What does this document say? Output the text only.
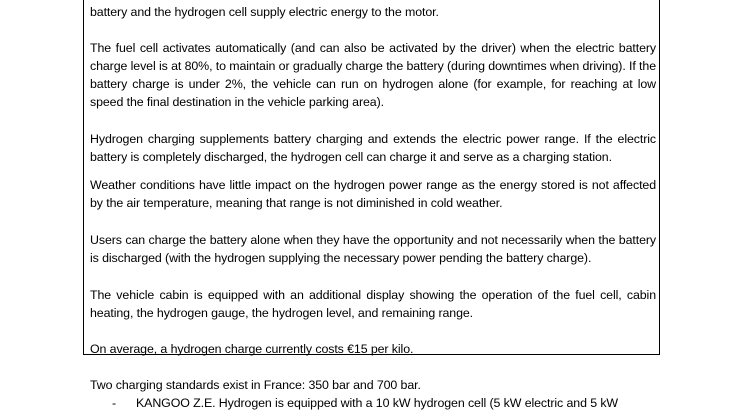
battery and the hydrogen cell supply electric energy to the motor.

The fuel cell activates automatically (and can also be activated by the driver) when the electric battery charge level is at 80%, to maintain or gradually charge the battery (during downtimes when driving). If the battery charge is under 2%, the vehicle can run on hydrogen alone (for example, for reaching at low speed the final destination in the vehicle parking area).

Hydrogen charging supplements battery charging and extends the electric power range. If the electric battery is completely discharged, the hydrogen cell can charge it and serve as a charging station.

Weather conditions have little impact on the hydrogen power range as the energy stored is not affected by the air temperature, meaning that range is not diminished in cold weather.

Users can charge the battery alone when they have the opportunity and not necessarily when the battery is discharged (with the hydrogen supplying the necessary power pending the battery charge).

The vehicle cabin is equipped with an additional display showing the operation of the fuel cell, cabin heating, the hydrogen gauge, the hydrogen level, and remaining range.

On average, a hydrogen charge currently costs €15 per kilo.

Two charging standards exist in France: 350 bar and 700 bar.

- KANGOO Z.E. Hydrogen is equipped with a 10 kW hydrogen cell (5 kW electric and 5 kW
